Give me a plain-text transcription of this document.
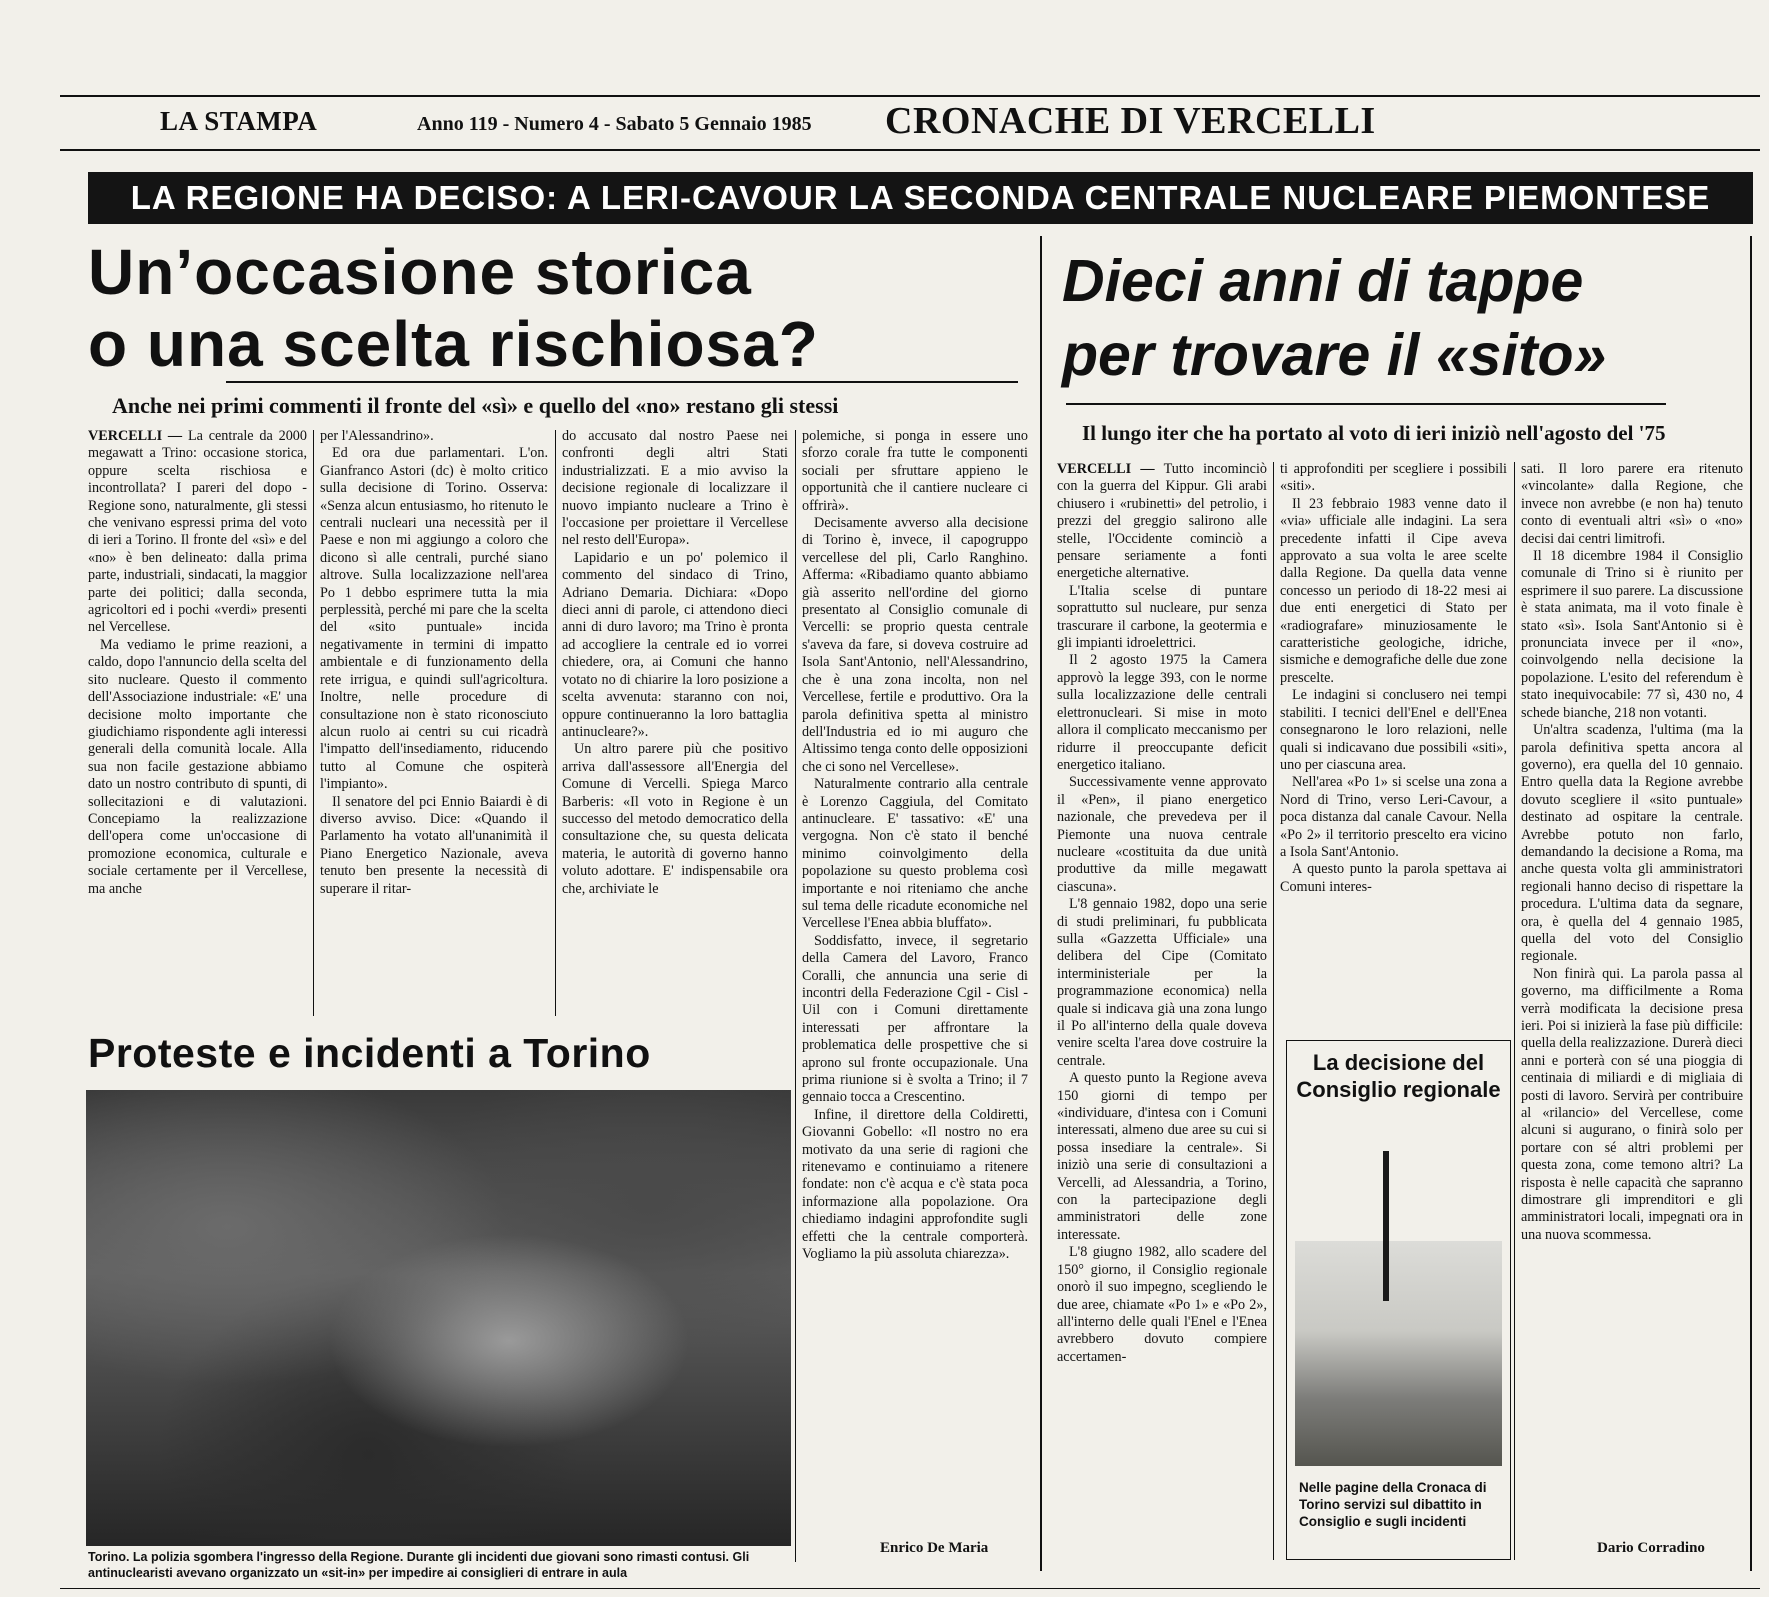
LA STAMPA	Anno 119 - Numero 4 - Sabato 5 Gennaio 1985 CRONACHE DI VERCELLI
LA REGIONE HA DECISO: A LERI-CAVOUR LA SECONDA CENTRALE NUCLEARE PIEMONTESE
Un’occasione storica
o una scelta rischiosa?
Anche nei primi commenti il fronte del «sì» e quello del «no» restano gli stessi

VERCELLI — La centrale da 2000 megawatt a Trino: occasione storica, oppure scelta rischiosa e incontrollata? I pareri del dopo - Regione sono, naturalmente, gli stessi che venivano espressi prima del voto di ieri a Torino. Il fronte del «sì» e del «no» è ben delineato: dalla prima parte, industriali, sindacati, la maggior parte dei politici; dalla seconda, agricoltori ed i pochi «verdi» presenti nel Vercellese.

Ma vediamo le prime reazioni, a caldo, dopo l'annuncio della scelta del sito nucleare. Questo il commento dell'Associazione industriale: «E' una decisione molto importante che giudichiamo rispondente agli interessi generali della comunità locale. Alla sua non facile gestazione abbiamo dato un nostro contributo di spunti, di sollecitazioni e di valutazioni. Concepiamo la realizzazione dell'opera come un'occasione di promozione economica, culturale e sociale certamente per il Vercellese, ma anche

per l'Alessandrino».

Ed ora due parlamentari. L'on. Gianfranco Astori (dc) è molto critico sulla decisione di Torino. Osserva: «Senza alcun entusiasmo, ho ritenuto le centrali nucleari una necessità per il Paese e non mi aggiungo a coloro che dicono sì alle centrali, purché siano altrove. Sulla localizzazione nell'area Po 1 debbo esprimere tutta la mia perplessità, perché mi pare che la scelta del «sito puntuale» incida negativamente in termini di impatto ambientale e di funzionamento della rete irrigua, e quindi sull'agricoltura. Inoltre, nelle procedure di consultazione non è stato riconosciuto alcun ruolo ai centri su cui ricadrà l'impatto dell'insediamento, riducendo tutto al Comune che ospiterà l'impianto».

Il senatore del pci Ennio Baiardi è di diverso avviso. Dice: «Quando il Parlamento ha votato all'unanimità il Piano Energetico Nazionale, aveva tenuto ben presente la necessità di superare il ritar-

do accusato dal nostro Paese nei confronti degli altri Stati industrializzati. E a mio avviso la decisione regionale di localizzare il nuovo impianto nucleare a Trino è l'occasione per proiettare il Vercellese nel resto dell'Europa».

Lapidario e un po' polemico il commento del sindaco di Trino, Adriano Demaria. Dichiara: «Dopo dieci anni di parole, ci attendono dieci anni di duro lavoro; ma Trino è pronta ad accogliere la centrale ed io vorrei chiedere, ora, ai Comuni che hanno votato no di chiarire la loro posizione a scelta avvenuta: staranno con noi, oppure continueranno la loro battaglia antinucleare?».

Un altro parere più che positivo arriva dall'assessore all'Energia del Comune di Vercelli. Spiega Marco Barberis: «Il voto in Regione è un successo del metodo democratico della consultazione che, su questa delicata materia, le autorità di governo hanno voluto adottare. E' indispensabile ora che, archiviate le

polemiche, si ponga in essere uno sforzo corale fra tutte le componenti sociali per sfruttare appieno le opportunità che il cantiere nucleare ci offrirà».

Decisamente avverso alla decisione di Torino è, invece, il capogruppo vercellese del pli, Carlo Ranghino. Afferma: «Ribadiamo quanto abbiamo già asserito nell'ordine del giorno presentato al Consiglio comunale di Vercelli: se proprio questa centrale s'aveva da fare, si doveva costruire ad Isola Sant'Antonio, nell'Alessandrino, che è una zona incolta, non nel Vercellese, fertile e produttivo. Ora la parola definitiva spetta al ministro dell'Industria ed io mi auguro che Altissimo tenga conto delle opposizioni che ci sono nel Vercellese».

Naturalmente contrario alla centrale è Lorenzo Caggiula, del Comitato antinucleare. E' tassativo: «E' una vergogna. Non c'è stato il benché minimo coinvolgimento della popolazione su questo problema così importante e noi riteniamo che anche sul tema delle ricadute economiche nel Vercellese l'Enea abbia bluffato».

Soddisfatto, invece, il segretario della Camera del Lavoro, Franco Coralli, che annuncia una serie di incontri della Federazione Cgil - Cisl - Uil con i Comuni direttamente interessati per affrontare la problematica delle prospettive che si aprono sul fronte occupazionale. Una prima riunione si è svolta a Trino; il 7 gennaio tocca a Crescentino.

Infine, il direttore della Coldiretti, Giovanni Gobello: «Il nostro no era motivato da una serie di ragioni che ritenevamo e continuiamo a ritenere fondate: non c'è acqua e c'è stata poca informazione alla popolazione. Ora chiediamo indagini approfondite sugli effetti che la centrale comporterà. Vogliamo la più assoluta chiarezza».

Enrico De Maria
Proteste e incidenti a Torino
Torino. La polizia sgombera l'ingresso della Regione. Durante gli incidenti due giovani sono rimasti contusi. Gli antinuclearisti avevano organizzato un «sit-in» per impedire ai consiglieri di entrare in aula
Dieci anni di tappe
per trovare il «sito»
Il lungo iter che ha portato al voto di ieri iniziò nell'agosto del '75

VERCELLI — Tutto incominciò con la guerra del Kippur. Gli arabi chiusero i «rubinetti» del petrolio, i prezzi del greggio salirono alle stelle, l'Occidente cominciò a pensare seriamente a fonti energetiche alternative.

L'Italia scelse di puntare soprattutto sul nucleare, pur senza trascurare il carbone, la geotermia e gli impianti idroelettrici.

Il 2 agosto 1975 la Camera approvò la legge 393, con le norme sulla localizzazione delle centrali elettronucleari. Si mise in moto allora il complicato meccanismo per ridurre il preoccupante deficit energetico italiano.

Successivamente venne approvato il «Pen», il piano energetico nazionale, che prevedeva per il Piemonte una nuova centrale nucleare «costituita da due unità produttive da mille megawatt ciascuna».

L'8 gennaio 1982, dopo una serie di studi preliminari, fu pubblicata sulla «Gazzetta Ufficiale» una delibera del Cipe (Comitato interministeriale per la programmazione economica) nella quale si indicava già una zona lungo il Po all'interno della quale doveva venire scelta l'area dove costruire la centrale.

A questo punto la Regione aveva 150 giorni di tempo per «individuare, d'intesa con i Comuni interessati, almeno due aree su cui si possa insediare la centrale». Si iniziò una serie di consultazioni a Vercelli, ad Alessandria, a Torino, con la partecipazione degli amministratori delle zone interessate.

L'8 giugno 1982, allo scadere del 150° giorno, il Consiglio regionale onorò il suo impegno, scegliendo le due aree, chiamate «Po 1» e «Po 2», all'interno delle quali l'Enel e l'Enea avrebbero dovuto compiere accertamen-

ti approfonditi per scegliere i possibili «siti».

Il 23 febbraio 1983 venne dato il «via» ufficiale alle indagini. La sera precedente infatti il Cipe aveva approvato a sua volta le aree scelte dalla Regione. Da quella data venne concesso un periodo di 18-22 mesi ai due enti energetici di Stato per «radiografare» minuziosamente le caratteristiche geologiche, idriche, sismiche e demografiche delle due zone prescelte.

Le indagini si conclusero nei tempi stabiliti. I tecnici dell'Enel e dell'Enea consegnarono le loro relazioni, nelle quali si indicavano due possibili «siti», uno per ciascuna area.

Nell'area «Po 1» si scelse una zona a Nord di Trino, verso Leri-Cavour, a poca distanza dal canale Cavour. Nella «Po 2» il territorio prescelto era vicino a Isola Sant'Antonio.

A questo punto la parola spettava ai Comuni interes-

La decisione del Consiglio regionale
Nelle pagine della Cronaca di Torino servizi sul dibattito in Consiglio e sugli incidenti

sati. Il loro parere era ritenuto «vincolante» dalla Regione, che invece non avrebbe (e non ha) tenuto conto di eventuali altri «sì» o «no» decisi dai centri limitrofi.

Il 18 dicembre 1984 il Consiglio comunale di Trino si è riunito per esprimere il suo parere. La discussione è stata animata, ma il voto finale è stato «sì». Isola Sant'Antonio si è pronunciata invece per il «no», coinvolgendo nella decisione la popolazione. L'esito del referendum è stato inequivocabile: 77 sì, 430 no, 4 schede bianche, 218 non votanti.

Un'altra scadenza, l'ultima (ma la parola definitiva spetta ancora al governo), era quella del 10 gennaio. Entro quella data la Regione avrebbe dovuto scegliere il «sito puntuale» destinato ad ospitare la centrale. Avrebbe potuto non farlo, demandando la decisione a Roma, ma anche questa volta gli amministratori regionali hanno deciso di rispettare la procedura. L'ultima data da segnare, ora, è quella del 4 gennaio 1985, quella del voto del Consiglio regionale.

Non finirà qui. La parola passa al governo, ma difficilmente a Roma verrà modificata la decisione presa ieri. Poi si inizierà la fase più difficile: quella della realizzazione. Durerà dieci anni e porterà con sé una pioggia di centinaia di miliardi e di migliaia di posti di lavoro. Servirà per contribuire al «rilancio» del Vercellese, come alcuni si augurano, o finirà solo per portare con sé altri problemi per questa zona, come temono altri? La risposta è nelle capacità che sapranno dimostrare gli imprenditori e gli amministratori locali, impegnati ora in una nuova scommessa.

Dario Corradino
